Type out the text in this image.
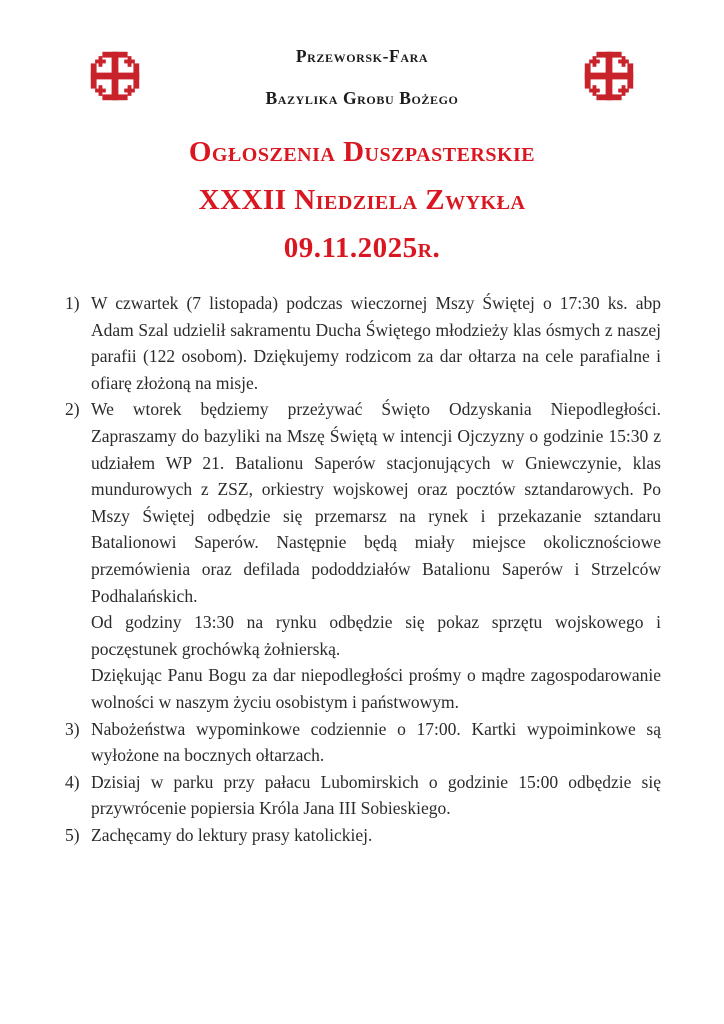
Przeworsk-Fara
Bazylika Grobu Bożego
Ogłoszenia Duszpasterskie
XXXII Niedziela Zwykła
09.11.2025r.
1) W czwartek (7 listopada) podczas wieczornej Mszy Świętej o 17:30 ks. abp Adam Szal udzielił sakramentu Ducha Świętego młodzieży klas ósmych z naszej parafii (122 osobom). Dziękujemy rodzicom za dar ołtarza na cele parafialne i ofiarę złożoną na misje.

2) We wtorek będziemy przeżywać Święto Odzyskania Niepodległości. Zapraszamy do bazyliki na Mszę Świętą w intencji Ojczyzny o godzinie 15:30 z udziałem WP 21. Batalionu Saperów stacjonujących w Gniewczynie, klas mundurowych z ZSZ, orkiestry wojskowej oraz pocztów sztandarowych. Po Mszy Świętej odbędzie się przemarsz na rynek i przekazanie sztandaru Batalionowi Saperów. Następnie będą miały miejsce okolicznościowe przemówienia oraz defilada pododdziałów Batalionu Saperów i Strzelców Podhalańskich.

Od godziny 13:30 na rynku odbędzie się pokaz sprzętu wojskowego i poczęstunek grochówką żołnierską.

Dziękując Panu Bogu za dar niepodległości prośmy o mądre zagospodarowanie wolności w naszym życiu osobistym i państwowym.

3) Nabożeństwa wypominkowe codziennie o 17:00. Kartki wypoiminkowe są wyłożone na bocznych ołtarzach.

4) Dzisiaj w parku przy pałacu Lubomirskich o godzinie 15:00 odbędzie się przywrócenie popiersia Króla Jana III Sobieskiego.

5) Zachęcamy do lektury prasy katolickiej.
